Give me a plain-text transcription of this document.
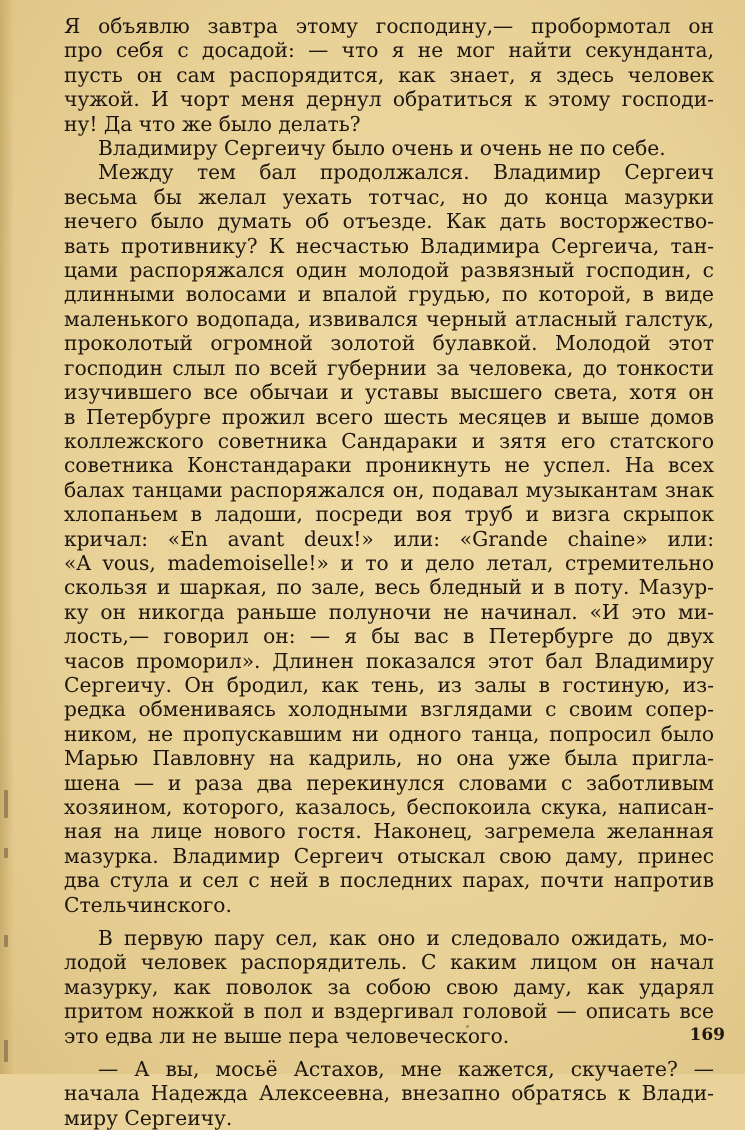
Я объявлю завтра этому господину,— пробормотал он
про себя с досадой: — что я не мог найти секунданта,
пусть он сам распорядится, как знает, я здесь человек
чужой. И чорт меня дернул обратиться к этому господи-
ну! Да что же было делать?
Владимиру Сергеичу было очень и очень не по себе.
Между тем бал продолжался. Владимир Сергеич
весьма бы желал уехать тотчас, но до конца мазурки
нечего было думать об отъезде. Как дать восторжество-
вать противнику? К несчастью Владимира Сергеича, тан-
цами распоряжался один молодой развязный господин, с
длинными волосами и впалой грудью, по которой, в виде
маленького водопада, извивался черный атласный галстук,
проколотый огромной золотой булавкой. Молодой этот
господин слыл по всей губернии за человека, до тонкости
изучившего все обычаи и уставы высшего света, хотя он
в Петербурге прожил всего шесть месяцев и выше домов
коллежского советника Сандараки и зятя его статского
советника Констандараки проникнуть не успел. На всех
балах танцами распоряжался он, подавал музыкантам знак
хлопаньем в ладоши, посреди воя труб и визга скрыпок
кричал: «En avant deux!» или: «Grande chaine» или:
«A vous, mademoiselle!» и то и дело летал, стремительно
скользя и шаркая, по зале, весь бледный и в поту. Мазур-
ку он никогда раньше полуночи не начинал. «И это ми-
лость,— говорил он: — я бы вас в Петербурге до двух
часов проморил». Длинен показался этот бал Владимиру
Сергеичу. Он бродил, как тень, из залы в гостиную, из-
редка обмениваясь холодными взглядами с своим сопер-
ником, не пропускавшим ни одного танца, попросил было
Марью Павловну на кадриль, но она уже была пригла-
шена — и раза два перекинулся словами с заботливым
хозяином, которого, казалось, беспокоила скука, написан-
ная на лице нового гостя. Наконец, загремела желанная
мазурка. Владимир Сергеич отыскал свою даму, принес
два стула и сел с ней в последних парах, почти напротив
Стельчинского.
В первую пару сел, как оно и следовало ожидать, мо-
лодой человек распорядитель. С каким лицом он начал
мазурку, как поволок за собою свою даму, как ударял
притом ножкой в пол и вздергивал головой — описать все
это едва ли не выше пера человеческого.
— А вы, мосьё Астахов, мне кажется, скучаете? —
начала Надежда Алексеевна, внезапно обратясь к Влади-
миру Сергеичу.
169
